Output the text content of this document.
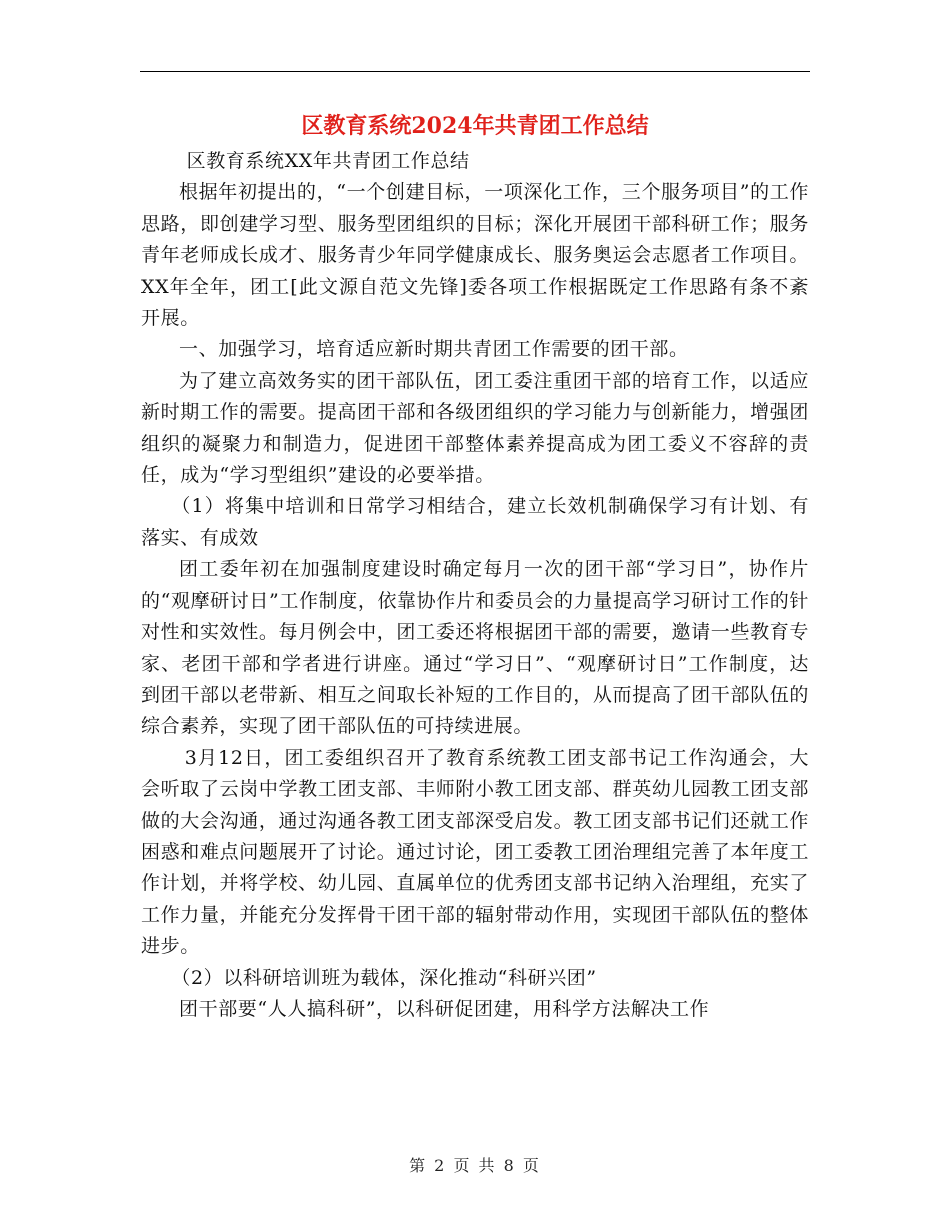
区教育系统2024年共青团工作总结

区教育系统XX年共青团工作总结

根据年初提出的，“一个创建目标，一项深化工作，三个服务项目”的工作思路，即创建学习型、服务型团组织的目标；深化开展团干部科研工作；服务青年老师成长成才、服务青少年同学健康成长、服务奥运会志愿者工作项目。XX年全年，团工[此文源自范文先锋]委各项工作根据既定工作思路有条不紊开展。

一、加强学习，培育适应新时期共青团工作需要的团干部。

为了建立高效务实的团干部队伍，团工委注重团干部的培育工作，以适应新时期工作的需要。提高团干部和各级团组织的学习能力与创新能力，增强团组织的凝聚力和制造力，促进团干部整体素养提高成为团工委义不容辞的责任，成为“学习型组织”建设的必要举措。

（1）将集中培训和日常学习相结合，建立长效机制确保学习有计划、有落实、有成效

团工委年初在加强制度建设时确定每月一次的团干部“学习日”，协作片的“观摩研讨日”工作制度，依靠协作片和委员会的力量提高学习研讨工作的针对性和实效性。每月例会中，团工委还将根据团干部的需要，邀请一些教育专家、老团干部和学者进行讲座。通过“学习日”、“观摩研讨日”工作制度，达到团干部以老带新、相互之间取长补短的工作目的，从而提高了团干部队伍的综合素养，实现了团干部队伍的可持续进展。

3月12日，团工委组织召开了教育系统教工团支部书记工作沟通会，大会听取了云岗中学教工团支部、丰师附小教工团支部、群英幼儿园教工团支部做的大会沟通，通过沟通各教工团支部深受启发。教工团支部书记们还就工作困惑和难点问题展开了讨论。通过讨论，团工委教工团治理组完善了本年度工作计划，并将学校、幼儿园、直属单位的优秀团支部书记纳入治理组，充实了工作力量，并能充分发挥骨干团干部的辐射带动作用，实现团干部队伍的整体进步。

（2）以科研培训班为载体，深化推动“科研兴团”

团干部要“人人搞科研”，以科研促团建，用科学方法解决工作

第 2 页 共 8 页
